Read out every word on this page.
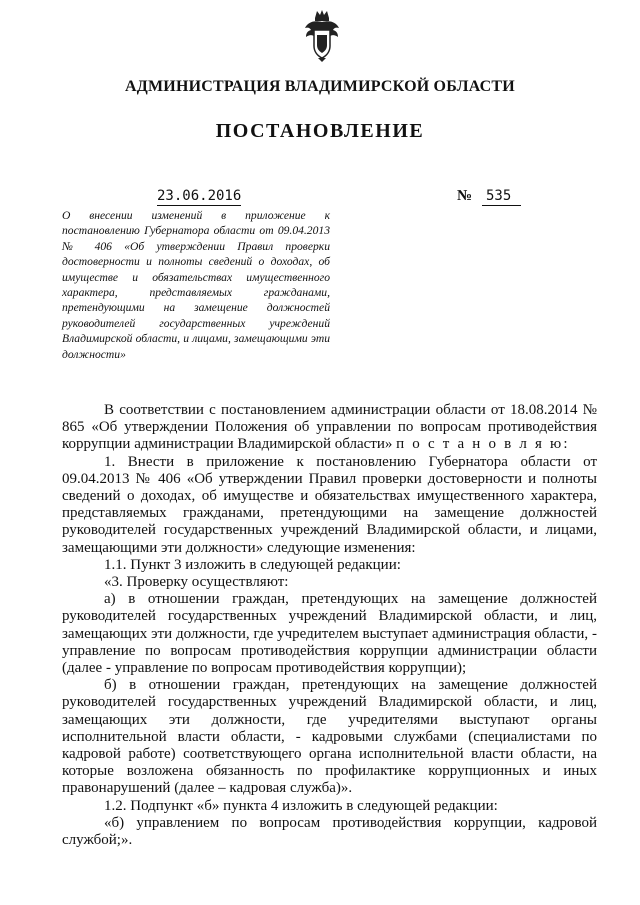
АДМИНИСТРАЦИЯ ВЛАДИМИРСКОЙ ОБЛАСТИ
ПОСТАНОВЛЕНИЕ
23.06.2016	№ 535
О внесении изменений в приложение к постановлению Губернатора области от 09.04.2013 № 406 «Об утверждении Правил проверки достоверности и полноты сведений о доходах, об имуществе и обязательствах имущественного характера, представляемых гражданами, претендующими на замещение должностей руководителей государственных учреждений Владимирской области, и лицами, замещающими эти должности»

В соответствии с постановлением администрации области от 18.08.2014 № 865 «Об утверждении Положения об управлении по вопросам противодействия коррупции администрации Владимирской области» п о с т а н о в л я ю:

1. Внести в приложение к постановлению Губернатора области от 09.04.2013 № 406 «Об утверждении Правил проверки достоверности и полноты сведений о доходах, об имуществе и обязательствах имущественного характера, представляемых гражданами, претендующими на замещение должностей руководителей государственных учреждений Владимирской области, и лицами, замещающими эти должности» следующие изменения:

1.1. Пункт 3 изложить в следующей редакции:

«3. Проверку осуществляют:

а) в отношении граждан, претендующих на замещение должностей руководителей государственных учреждений Владимирской области, и лиц, замещающих эти должности, где учредителем выступает администрация области, - управление по вопросам противодействия коррупции администрации области (далее - управление по вопросам противодействия коррупции);

б) в отношении граждан, претендующих на замещение должностей руководителей государственных учреждений Владимирской области, и лиц, замещающих эти должности, где учредителями выступают органы исполнительной власти области, - кадровыми службами (специалистами по кадровой работе) соответствующего органа исполнительной власти области, на которые возложена обязанность по профилактике коррупционных и иных правонарушений (далее – кадровая служба)».

1.2. Подпункт «б» пункта 4 изложить в следующей редакции:

«б) управлением по вопросам противодействия коррупции, кадровой службой;».
